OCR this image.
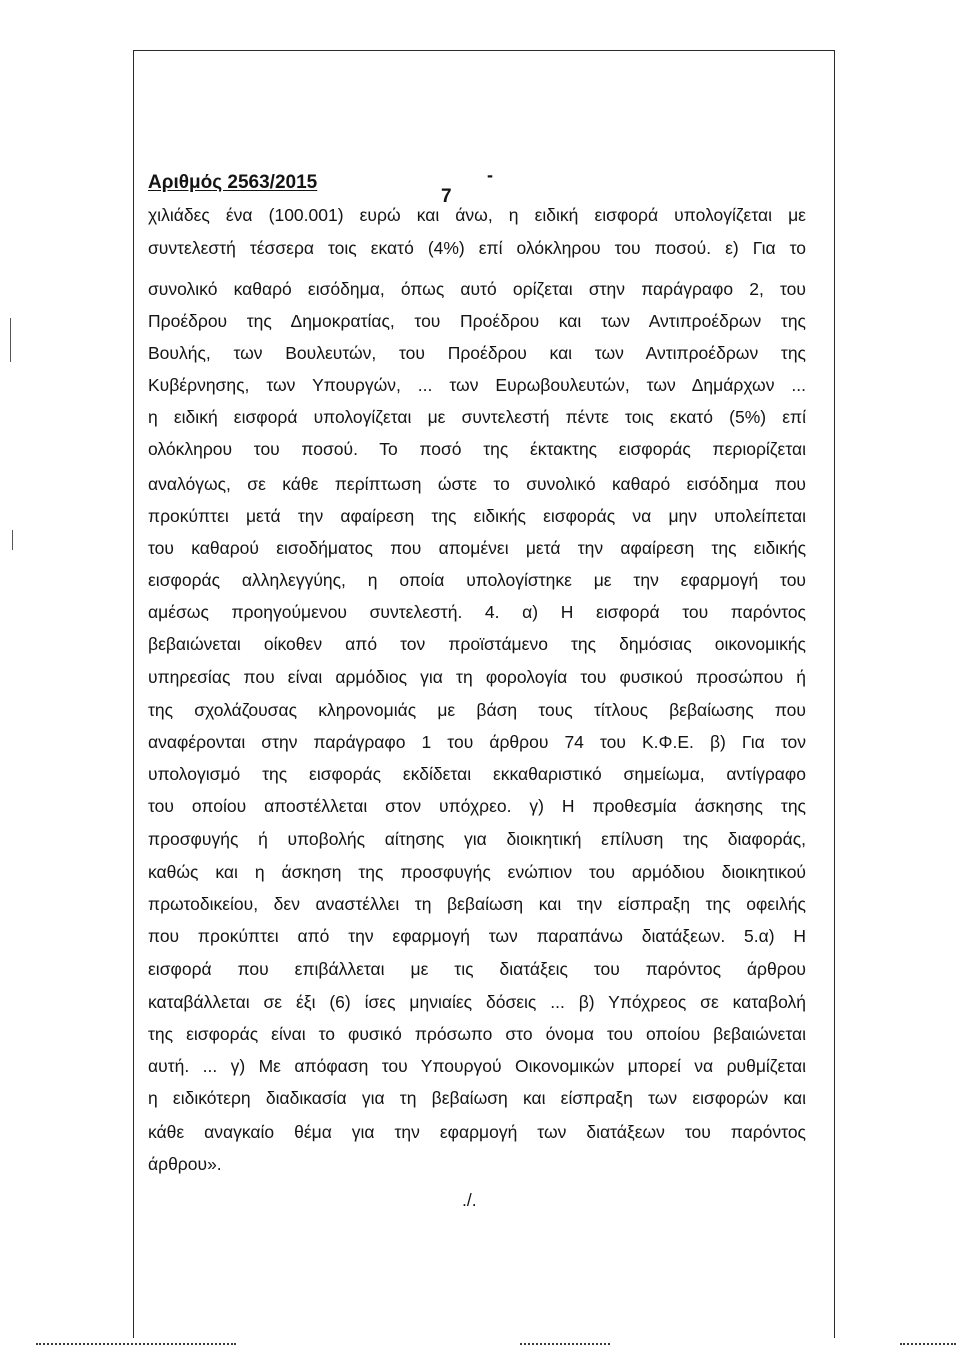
Αριθμός 2563/2015	-
7
χιλιάδες ένα (100.001) ευρώ και άνω, η ειδική εισφορά υπολογίζεται με
συντελεστή τέσσερα τοις εκατό (4%) επί ολόκληρου του ποσού. ε) Για το
συνολικό καθαρό εισόδημα, όπως αυτό ορίζεται στην παράγραφο 2, του
Προέδρου της Δημοκρατίας, του Προέδρου και των Αντιπροέδρων της
Βουλής, των Βουλευτών, του Προέδρου και των Αντιπροέδρων της
Κυβέρνησης, των Υπουργών, ... των Ευρωβουλευτών, των Δημάρχων ...
η ειδική εισφορά υπολογίζεται με συντελεστή πέντε τοις εκατό (5%) επί
ολόκληρου του ποσού. Το ποσό της έκτακτης εισφοράς περιορίζεται
αναλόγως, σε κάθε περίπτωση ώστε το συνολικό καθαρό εισόδημα που
προκύπτει μετά την αφαίρεση της ειδικής εισφοράς να μην υπολείπεται
του καθαρού εισοδήματος που απομένει μετά την αφαίρεση της ειδικής
εισφοράς αλληλεγγύης, η οποία υπολογίστηκε με την εφαρμογή του
αμέσως προηγούμενου συντελεστή. 4. α) Η εισφορά του παρόντος
βεβαιώνεται οίκοθεν από τον προϊστάμενο της δημόσιας οικονομικής
υπηρεσίας που είναι αρμόδιος για τη φορολογία του φυσικού προσώπου ή
της σχολάζουσας κληρονομιάς με βάση τους τίτλους βεβαίωσης που
αναφέρονται στην παράγραφο 1 του άρθρου 74 του Κ.Φ.Ε. β) Για τον
υπολογισμό της εισφοράς εκδίδεται εκκαθαριστικό σημείωμα, αντίγραφο
του οποίου αποστέλλεται στον υπόχρεο. γ) Η προθεσμία άσκησης της
προσφυγής ή υποβολής αίτησης για διοικητική επίλυση της διαφοράς,
καθώς και η άσκηση της προσφυγής ενώπιον του αρμόδιου διοικητικού
πρωτοδικείου, δεν αναστέλλει τη βεβαίωση και την είσπραξη της οφειλής
που προκύπτει από την εφαρμογή των παραπάνω διατάξεων. 5.α) Η
εισφορά που επιβάλλεται με τις διατάξεις του παρόντος άρθρου
καταβάλλεται σε έξι (6) ίσες μηνιαίες δόσεις ... β) Υπόχρεος σε καταβολή
της εισφοράς είναι το φυσικό πρόσωπο στο όνομα του οποίου βεβαιώνεται
αυτή. ... γ) Με απόφαση του Υπουργού Οικονομικών μπορεί να ρυθμίζεται
η ειδικότερη διαδικασία για τη βεβαίωση και είσπραξη των εισφορών και
κάθε αναγκαίο θέμα για την εφαρμογή των διατάξεων του παρόντος
άρθρου».
./.
